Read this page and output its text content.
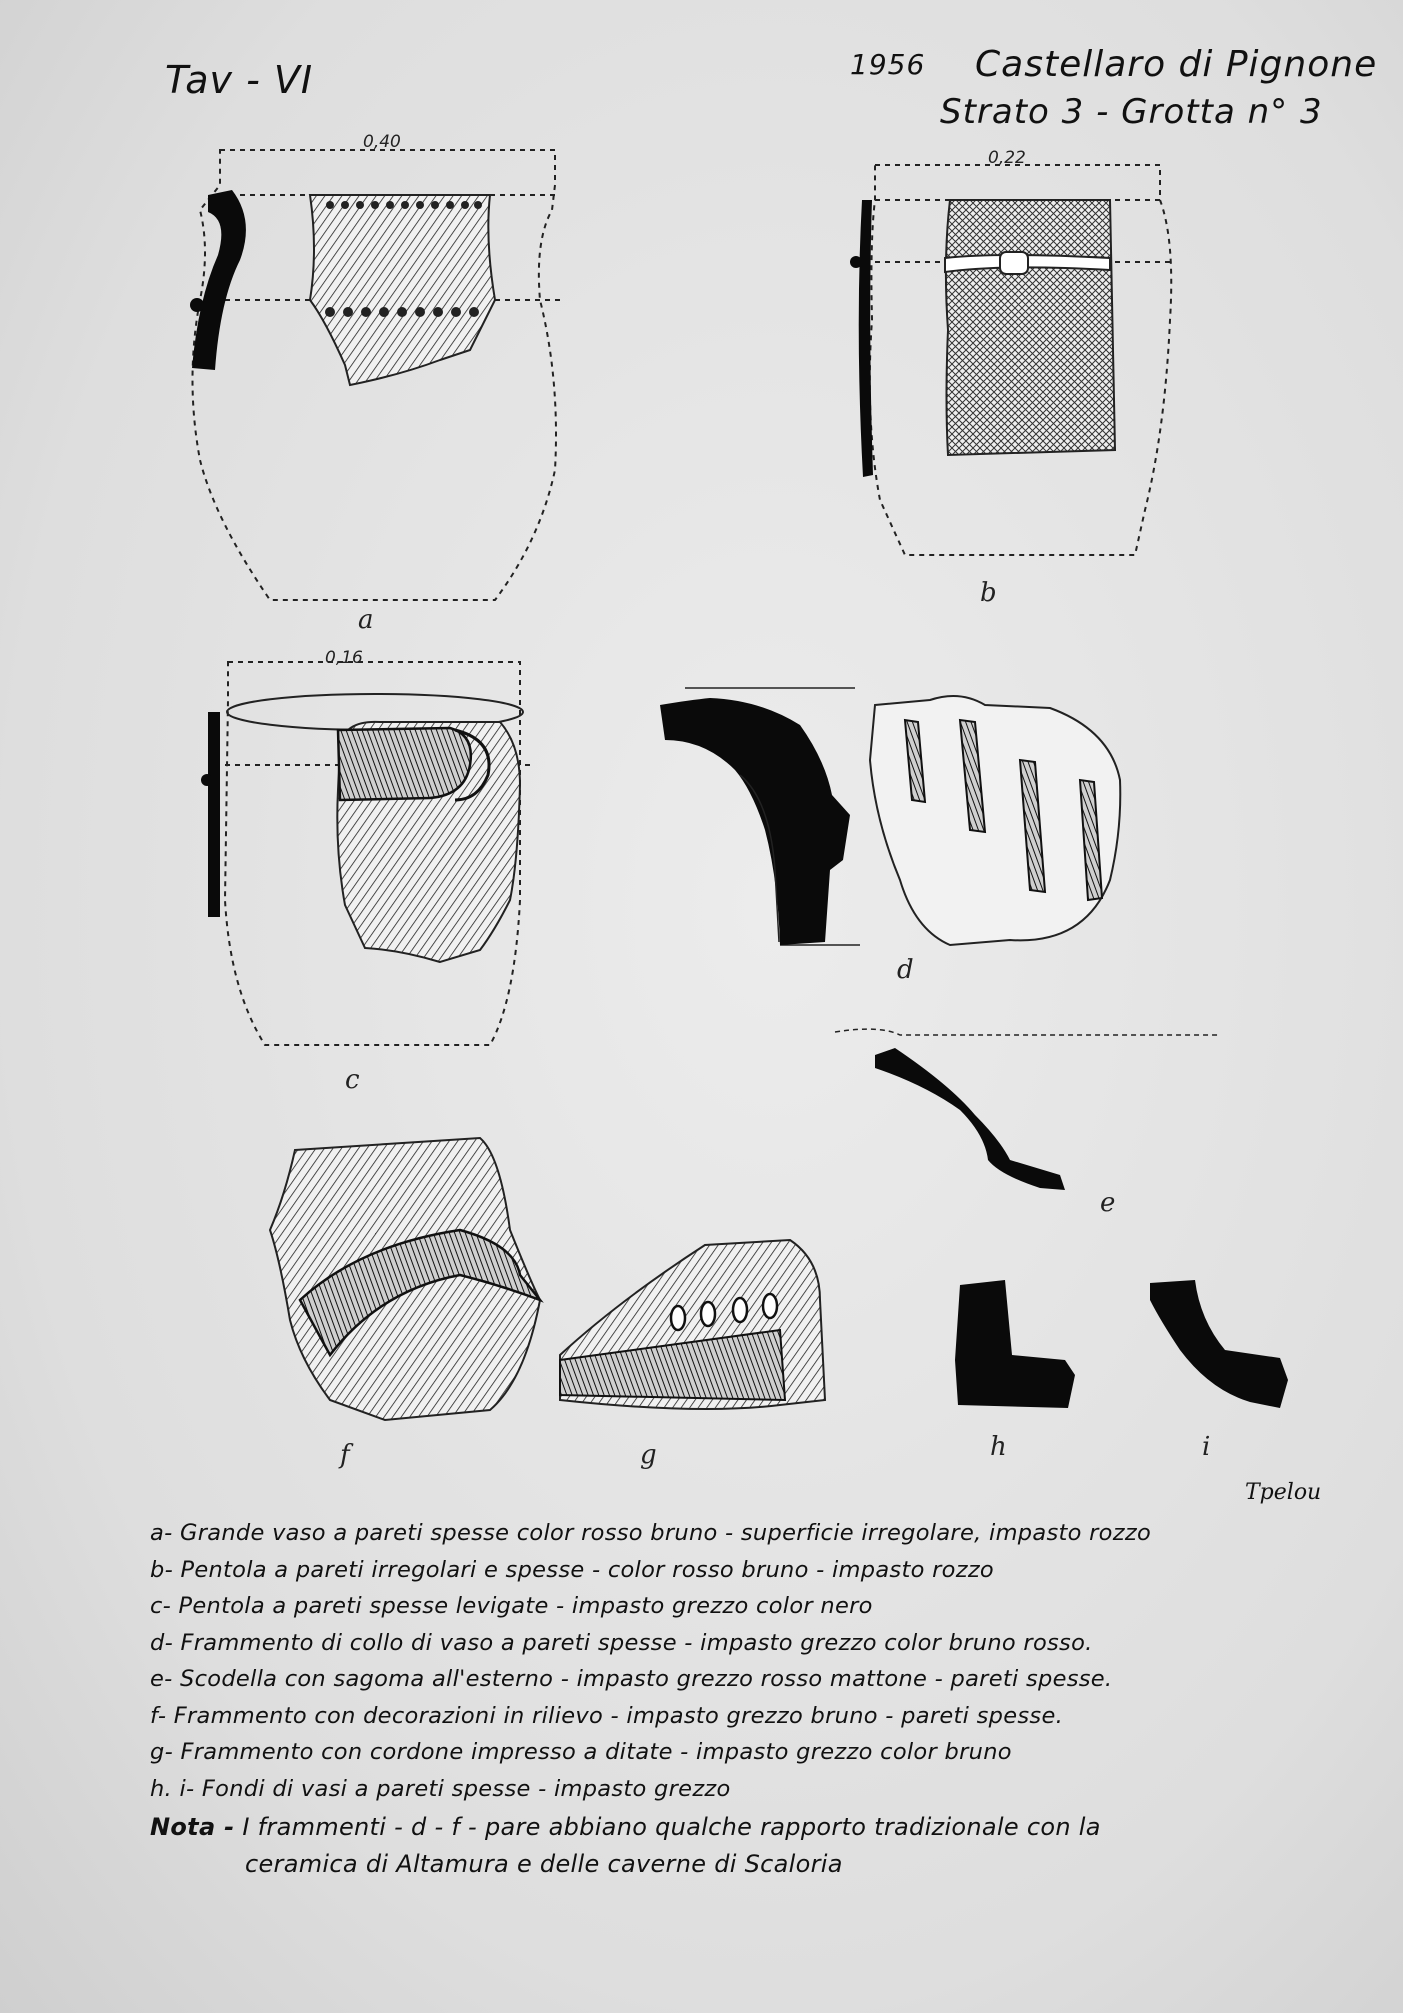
Tav - VI	1956 Castellaro di Pignone
Strato 3 - Grotta n° 3
0,40
0,22
0,16
a
b
c
d
e
f	g	h	i
Tpelou
a- Grande vaso a pareti spesse color rosso bruno - superficie irregolare, impasto rozzo
b- Pentola a pareti irregolari e spesse - color rosso bruno - impasto rozzo
c- Pentola a pareti spesse levigate - impasto grezzo color nero
d- Frammento di collo di vaso a pareti spesse - impasto grezzo color bruno rosso.
e- Scodella con sagoma all'esterno - impasto grezzo rosso mattone - pareti spesse.
f- Frammento con decorazioni in rilievo - impasto grezzo bruno - pareti spesse.
g- Frammento con cordone impresso a ditate - impasto grezzo color bruno
h. i- Fondi di vasi a pareti spesse - impasto grezzo
Nota - I frammenti - d - f - pare abbiano qualche rapporto tradizionale con la
ceramica di Altamura e delle caverne di Scaloria
